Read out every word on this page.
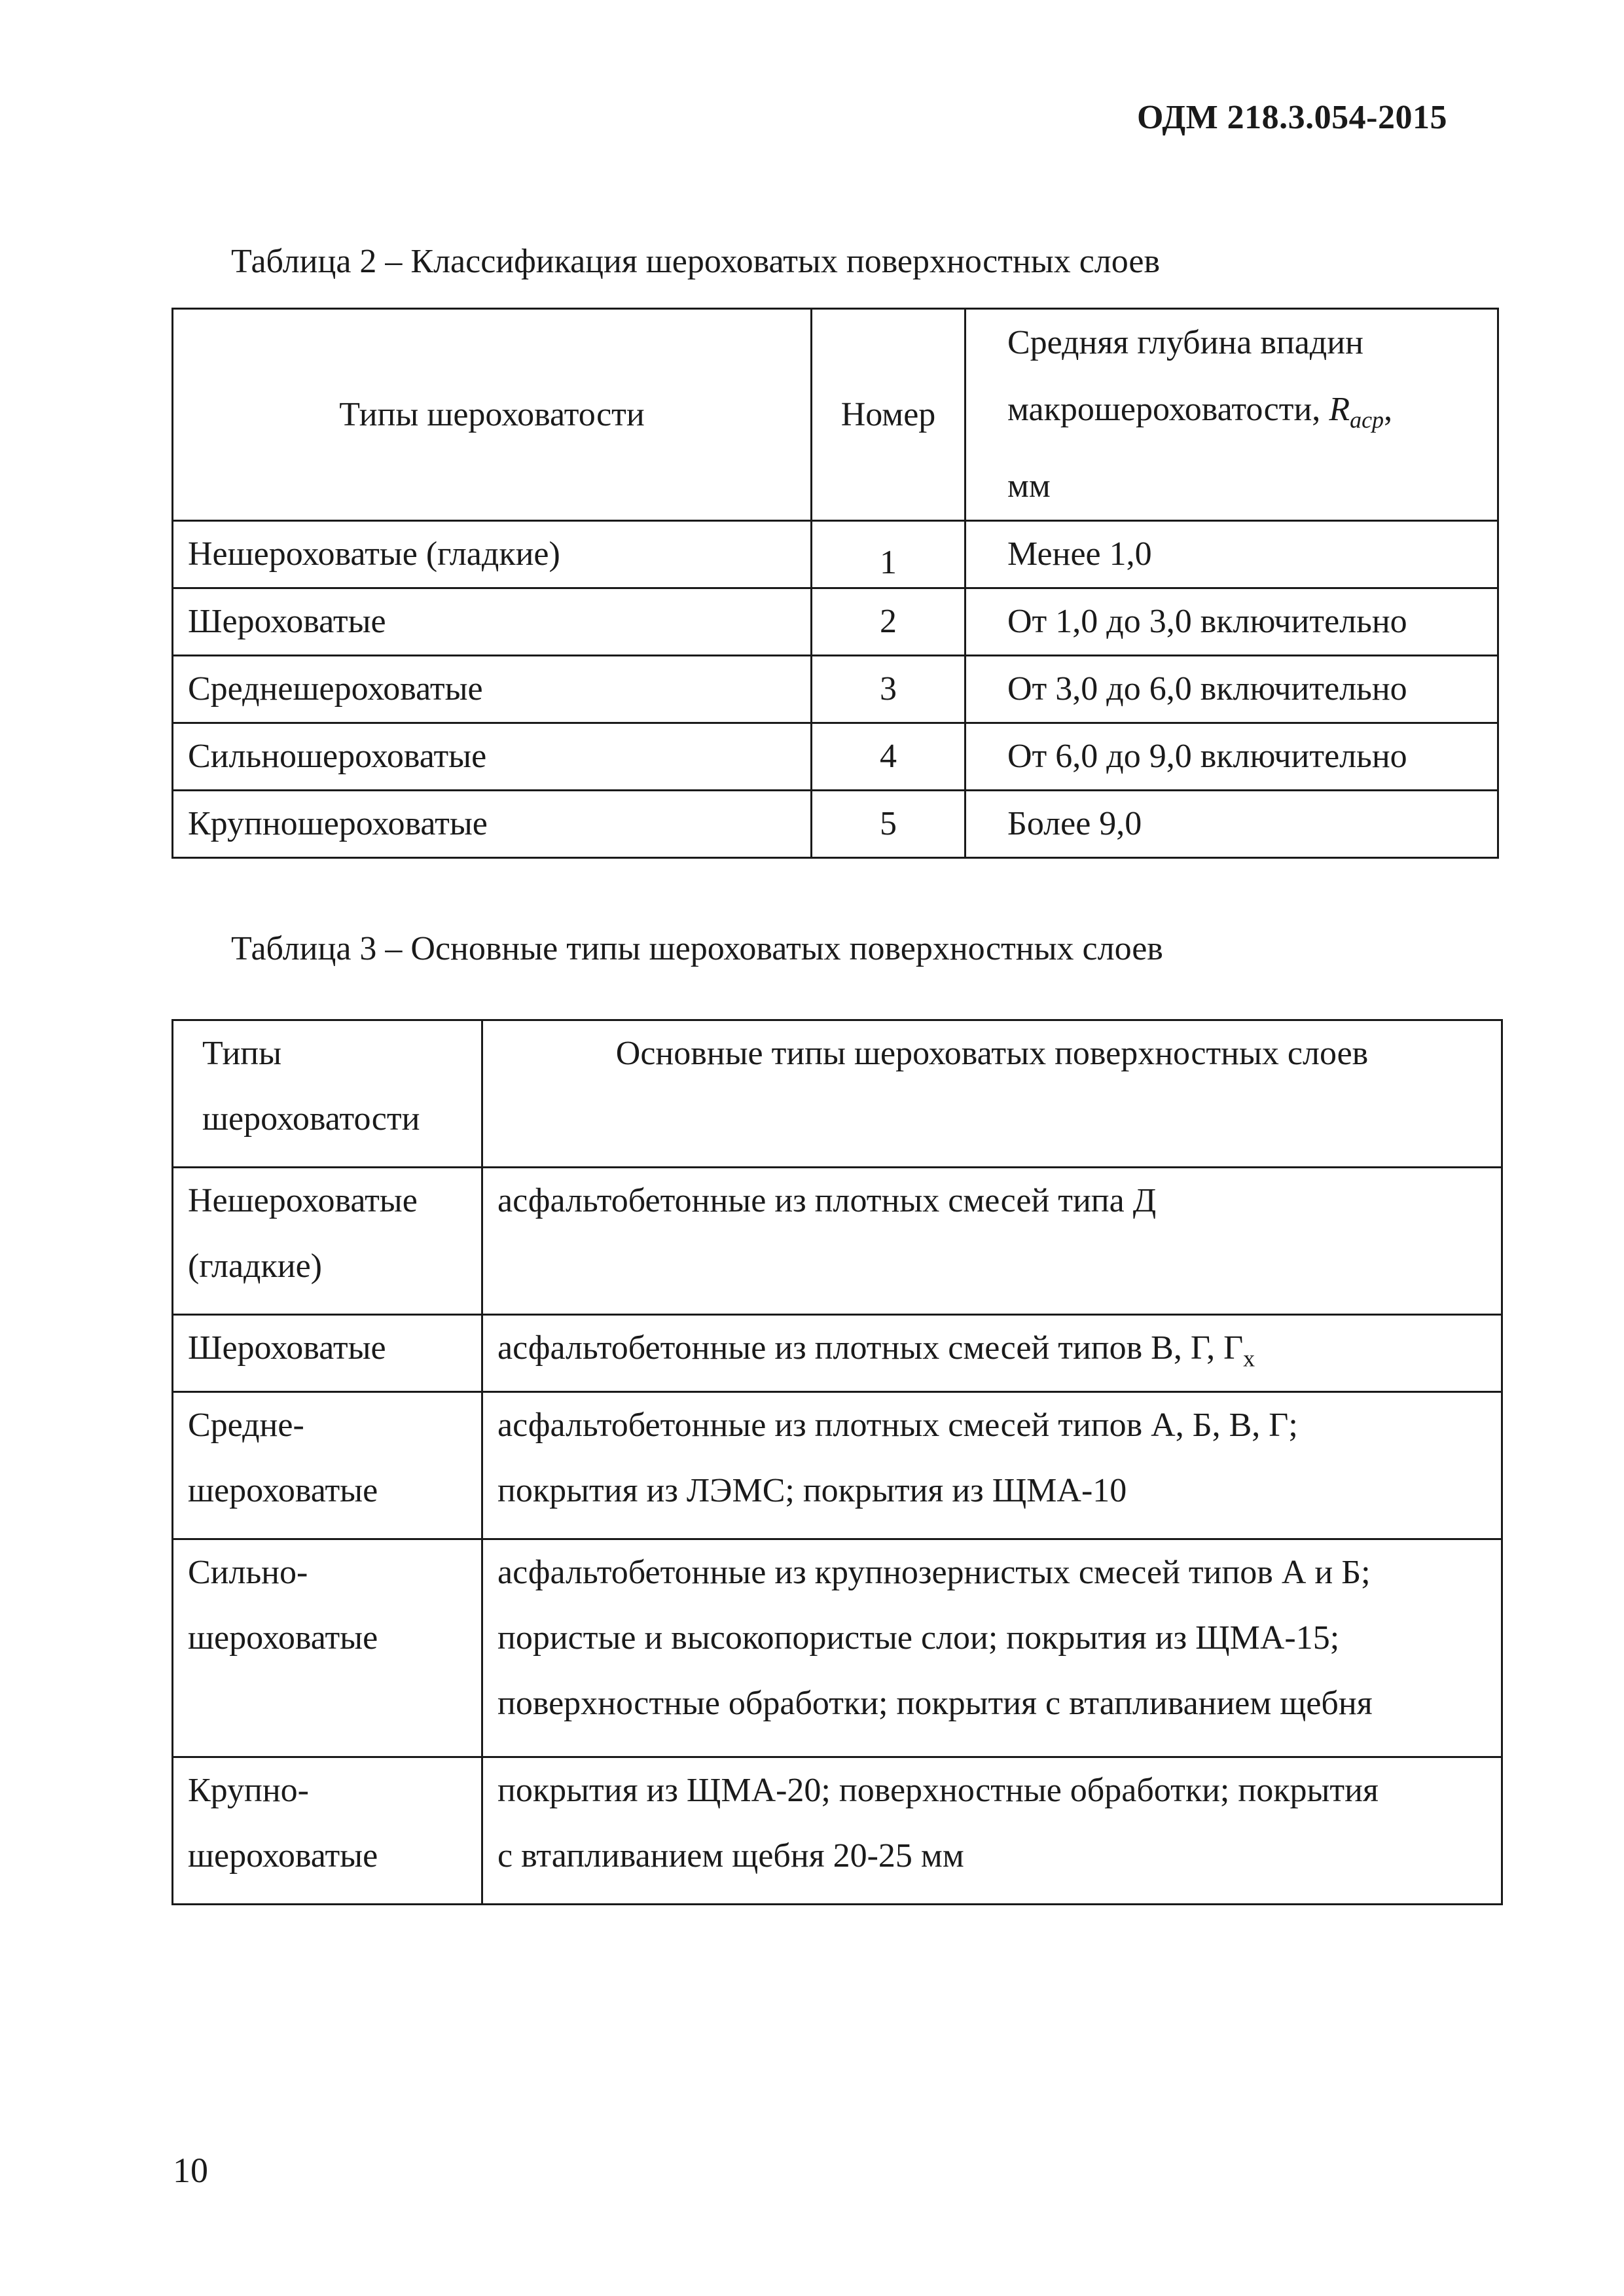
ОДМ 218.3.054-2015
Таблица 2 – Классификация шероховатых поверхностных слоев
Типы шероховатости	Номер	Средняя глубина впадин
макрошероховатости, $R_{acp}$,
мм

Нешероховатые (гладкие)	1	Менее 1,0
Шероховатые	2	От 1,0 до 3,0 включительно
Среднешероховатые	3	От 3,0 до 6,0 включительно
Сильношероховатые	4	От 6,0 до 9,0 включительно
Крупношероховатые	5	Более 9,0
Таблица 3 – Основные типы шероховатых поверхностных слоев
Типы
шероховатости	Основные типы шероховатых поверхностных слоев

Нешероховатые
(гладкие)	асфальтобетонные из плотных смесей типа Д

Шероховатые	асфальтобетонные из плотных смесей типов В, Г, $Г_х$

Средне-
шероховатые	асфальтобетонные из плотных смесей типов А, Б, В, Г;
покрытия из ЛЭМС; покрытия из ЩМА-10

Сильно-
шероховатые	асфальтобетонные из крупнозернистых смесей типов А и Б;
пористые и высокопористые слои; покрытия из ЩМА-15;
поверхностные обработки; покрытия с втапливанием щебня

Крупно-
шероховатые	покрытия из ЩМА-20; поверхностные обработки; покрытия
с втапливанием щебня 20-25 мм
10
